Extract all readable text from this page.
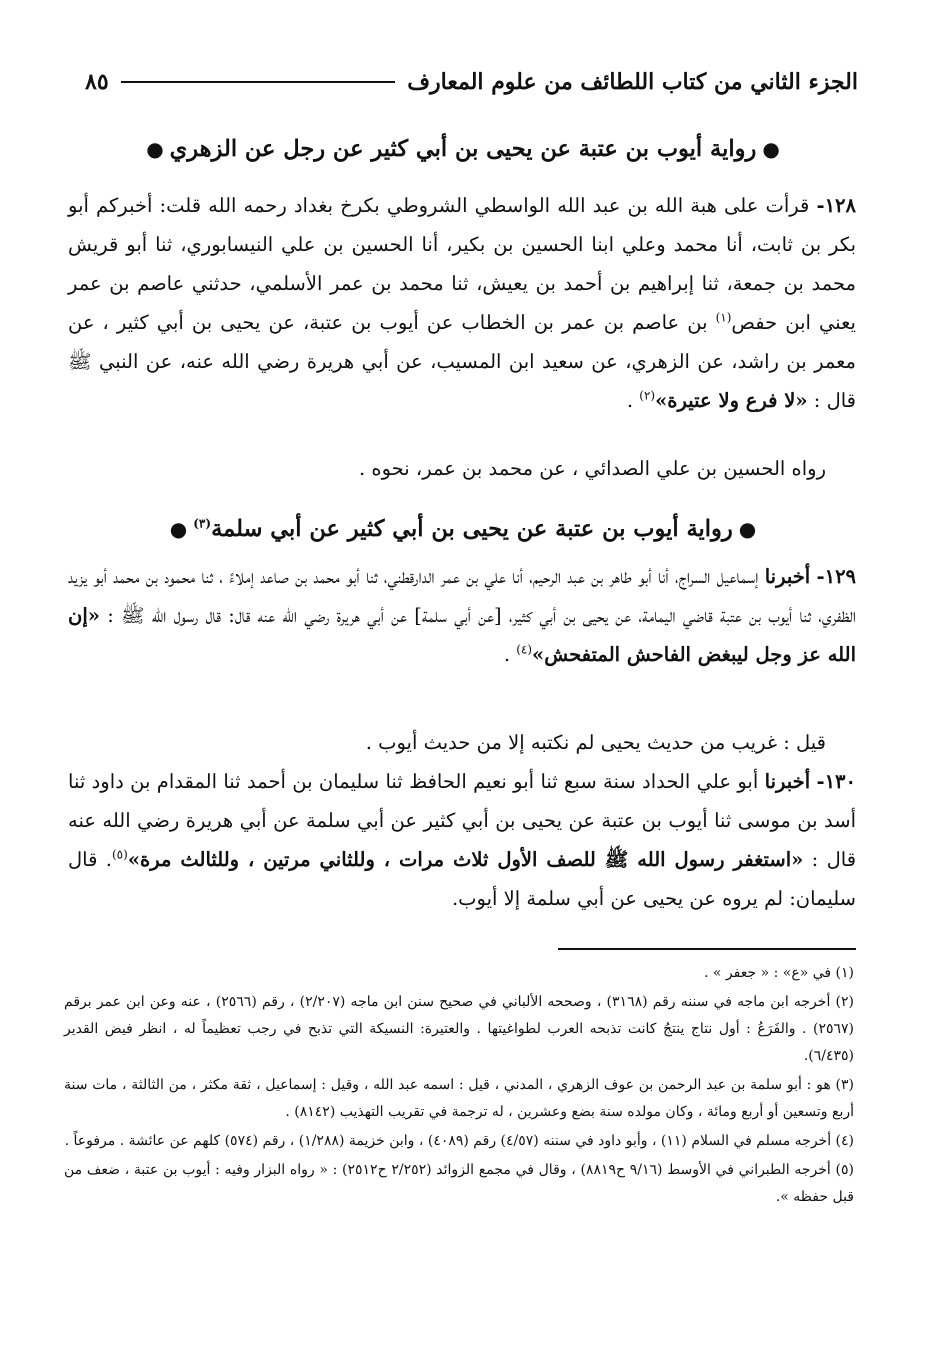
الجزء الثاني من كتاب اللطائف من علوم المعارف
٨٥
●رواية أيوب بن عتبة عن يحيى بن أبي كثير عن رجل عن الزهري●
١٢٨- قرأت على هبة الله بن عبد الله الواسطي الشروطي بكرخ بغداد رحمه الله قلت: أخبركم أبو بكر بن ثابت، أنا محمد وعلي ابنا الحسين بن بكير، أنا الحسين بن علي النيسابوري، ثنا أبو قريش محمد بن جمعة، ثنا إبراهيم بن أحمد بن يعيش، ثنا محمد بن عمر الأسلمي، حدثني عاصم بن عمر يعني ابن حفص$^{(١)}$ بن عاصم بن عمر بن الخطاب عن أيوب بن عتبة، عن يحيى بن أبي كثير ، عن معمر بن راشد، عن الزهري، عن سعيد ابن المسيب، عن أبي هريرة رضي الله عنه، عن النبي ﷺ قال : «لا فرع ولا عتيرة»$^{(٢)}$ .
رواه الحسين بن علي الصدائي ، عن محمد بن عمر، نحوه .
●رواية أيوب بن عتبة عن يحيى بن أبي كثير عن أبي سلمة$^{(٣)}$●
١٢٩- أخبرنا إسماعيل السراج، أنا أبو طاهر بن عبد الرحيم، أنا علي بن عمر الدارقطني، ثنا أبو محمد بن صاعد إملاءً ، ثنا محمود بن محمد أبو يزيد الظفري، ثنا أيوب بن عتبة قاضي اليمامة، عن يحيى بن أبي كثير، [عن أبي سلمة] عن أبي هريرة رضي الله عنه قال: قال رسول الله ﷺ : «إن الله عز وجل ليبغض الفاحش المتفحش»$^{(٤)}$ .
قيل : غريب من حديث يحيى لم نكتبه إلا من حديث أيوب .
١٣٠- أخبرنا أبو علي الحداد سنة سبع ثنا أبو نعيم الحافظ ثنا سليمان بن أحمد ثنا المقدام بن داود ثنا أسد بن موسى ثنا أيوب بن عتبة عن يحيى بن أبي كثير عن أبي سلمة عن أبي هريرة رضي الله عنه قال : «استغفر رسول الله ﷺ للصف الأول ثلاث مرات ، وللثاني مرتين ، وللثالث مرة»$^{(٥)}$. قال سليمان: لم يروه عن يحيى عن أبي سلمة إلا أيوب.

(١) في «ع» : « جعفر » .

(٢) أخرجه ابن ماجه في سننه رقم (٣١٦٨) ، وصححه الألباني في صحيح سنن ابن ماجه (٢/٢٠٧) ، رقم (٢٥٦٦) ، عنه وعن ابن عمر برقم (٢٥٦٧) . والفَرَعُ : أول نتاج ينتجُ كانت تذبحه العرب لطواغيتها . والعتيرة: النسيكة التي تذبح في رجب تعظيماً له ، انظر فيض القدير (٦/٤٣٥).

(٣) هو : أبو سلمة بن عبد الرحمن بن عوف الزهري ، المدني ، قيل : اسمه عبد الله ، وقيل : إسماعيل ، ثقة مكثر ، من الثالثة ، مات سنة أربع وتسعين أو أربع ومائة ، وكان مولده سنة بضع وعشرين ، له ترجمة في تقريب التهذيب (٨١٤٢) .

(٤) أخرجه مسلم في السلام (١١) ، وأبو داود في سننه (٤/٥٧) رقم (٤٠٨٩) ، وابن خزيمة (١/٢٨٨) ، رقم (٥٧٤) كلهم عن عائشة . مرفوعاً .

(٥) أخرجه الطبراني في الأوسط (٩/١٦ ح٨٨١٩) ، وقال في مجمع الزوائد (٢/٢٥٢ ح٢٥١٢) : « رواه البزار وفيه : أيوب بن عتبة ، ضعف من قبل حفظه ».
